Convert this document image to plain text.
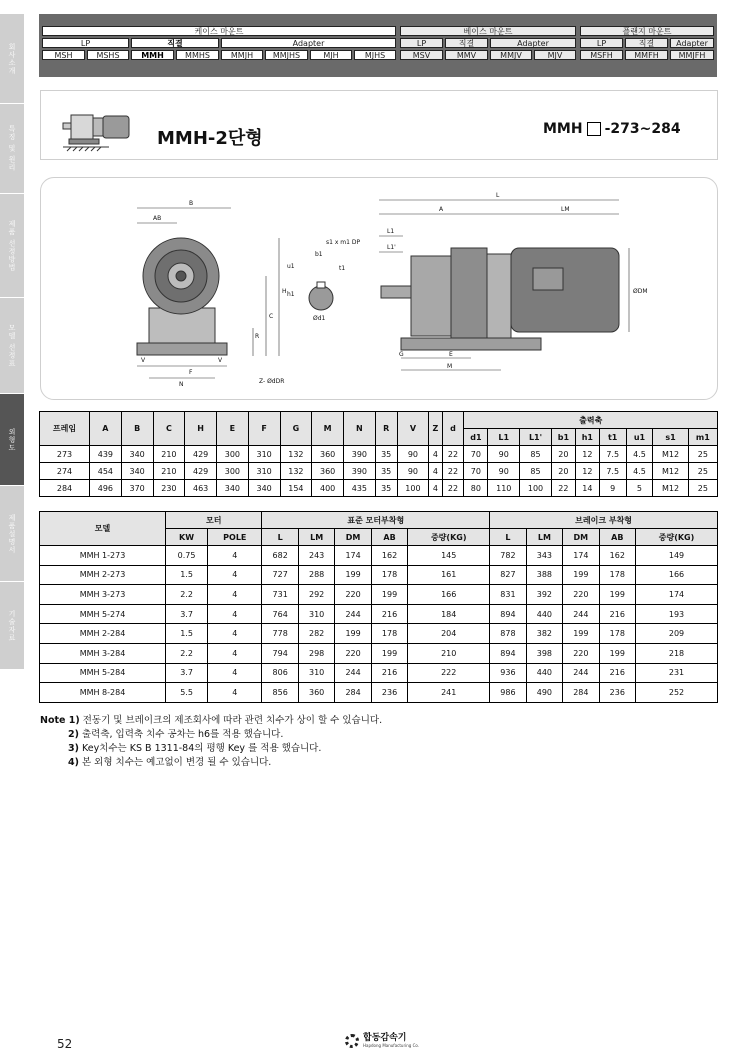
회사소개
특징 및 원리
제품 선정방법
모델 선정표
외형도
제품설명서
기술자료
케이스 마운트	베이스 마운트	플랜지 마운트
LP	직결	Adapter	LP	직결	Adapter	LP	직결	Adapter
MSH	MSHS	MMH	MMHS	MMJH	MMJHS	MJH	MJHS	MSV	MMV	MMJV	MJV	MSFH	MMFH	MMJFH
MMH-2단형	MMH -273~284
B
AB
H
C
R
F
N
V	V
Z- ØdDR
s1 x m1 DP
b1
t1
u1
h1
Ød1
L
A	LM
L1
L1'
G	E
M
ØDM
프레임	A	B	C	H	E	F	G	M	N	R	V	Z	d	출력축								
														d1	L1	L1'	b1	h1	t1	u1	s1	m1
273	439	340	210	429	300	310	132	360	390	35	90	4	22	70	90	85	20	12	7.5	4.5	M12	25
274	454	340	210	429	300	310	132	360	390	35	90	4	22	70	90	85	20	12	7.5	4.5	M12	25
284	496	370	230	463	340	340	154	400	435	35	100	4	22	80	110	100	22	14	9	5	M12	25
모델	모터		표준 모터부착형					브레이크 부착형				
	KW	POLE	L	LM	DM	AB	중량(KG)	L	LM	DM	AB	중량(KG)
MMH 1-273	0.75	4	682	243	174	162	145	782	343	174	162	149
MMH 2-273	1.5	4	727	288	199	178	161	827	388	199	178	166
MMH 3-273	2.2	4	731	292	220	199	166	831	392	220	199	174
MMH 5-274	3.7	4	764	310	244	216	184	894	440	244	216	193
MMH 2-284	1.5	4	778	282	199	178	204	878	382	199	178	209
MMH 3-284	2.2	4	794	298	220	199	210	894	398	220	199	218
MMH 5-284	3.7	4	806	310	244	216	222	936	440	244	216	231
MMH 8-284	5.5	4	856	360	284	236	241	986	490	284	236	252
Note 1) 전동기 및 브레이크의 제조회사에 따라 관련 치수가 상이 할 수 있습니다.
2) 출력축, 입력축 치수 공차는 h6를 적용 했습니다.
3) Key치수는 KS B 1311-84의 평행 Key 를 적용 했습니다.
4) 본 외형 치수는 예고없이 변경 될 수 있습니다.
52	합동감속기
Hapdong Manufacturing Co.
